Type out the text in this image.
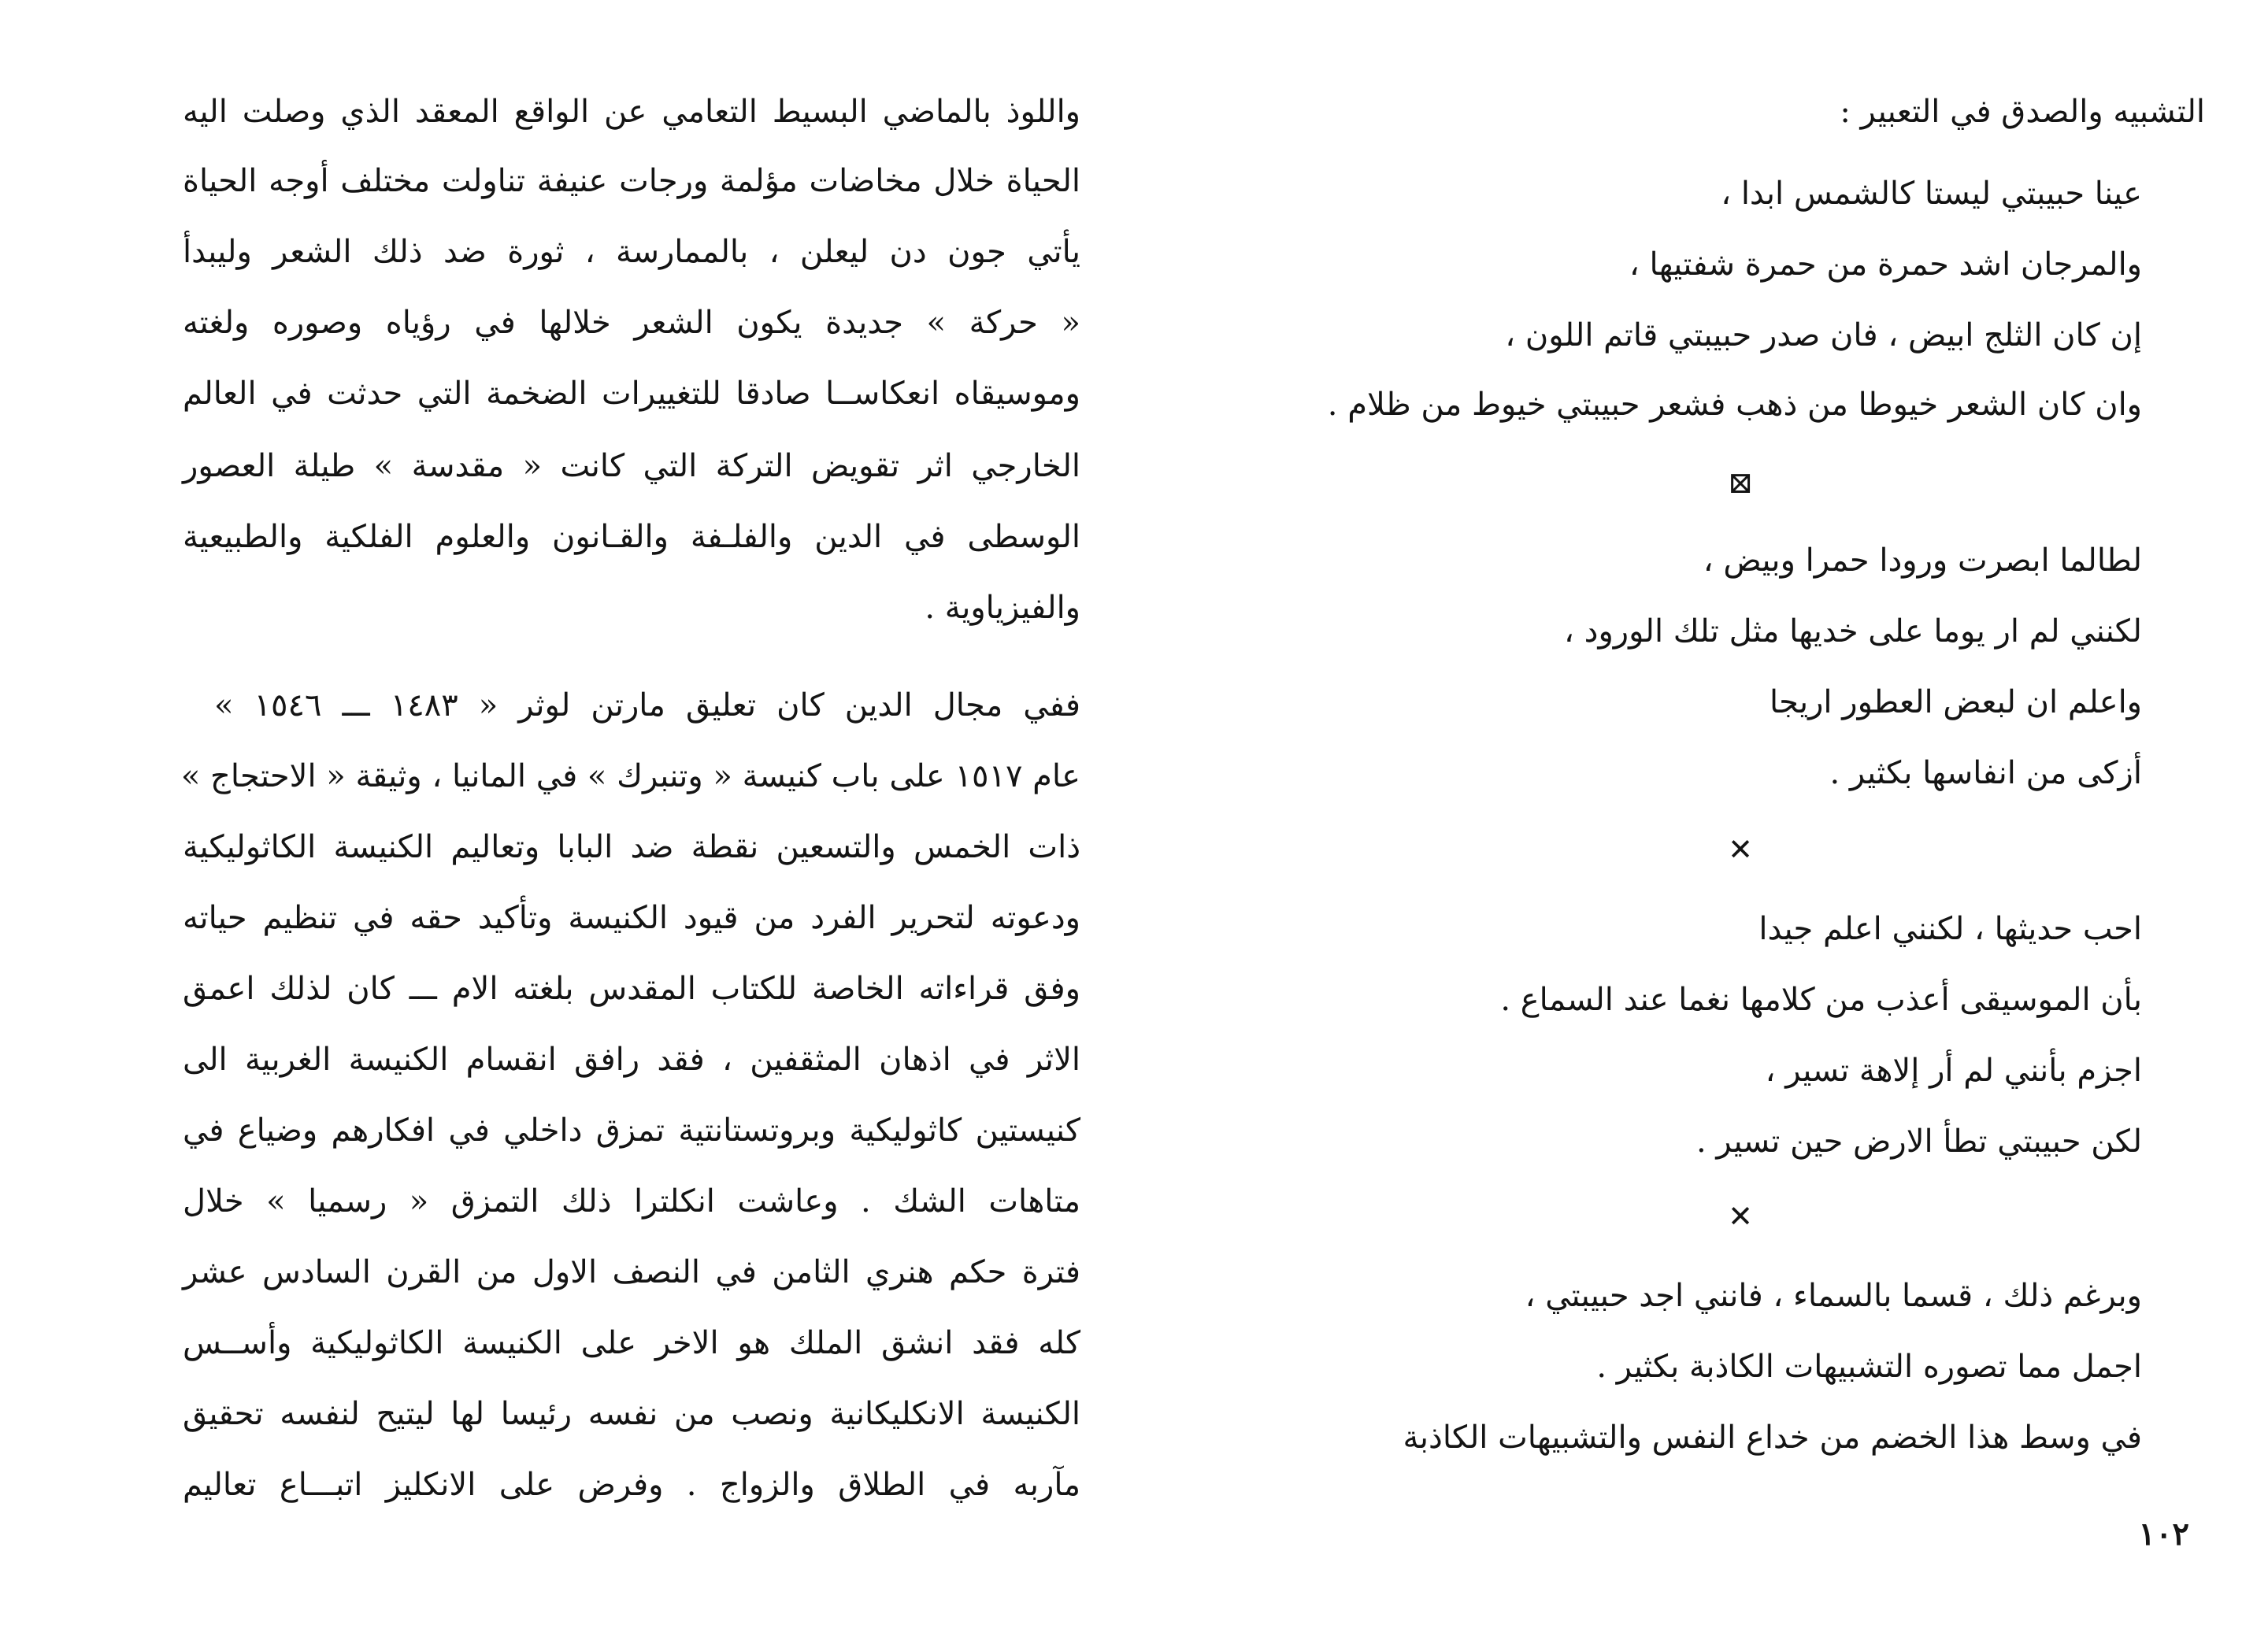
واللوذ بالماضي البسيط التعامي عن الواقع المعقد الذي وصلت اليه
الحياة خلال مخاضات مؤلمة ورجات عنيفة تناولت مختلف أوجه الحياة
يأتي جون دن ليعلن ، بالممارسة ، ثورة ضد ذلك الشعر وليبدأ
« حركة » جديدة يكون الشعر خلالها في رؤياه وصوره ولغته
وموسيقاه انعكاســا صادقا للتغييرات الضخمة التي حدثت في العالم
الخارجي اثر تقويض التركة التي كانت « مقدسة » طيلة العصور
الوسطى في الدين والفلـفة والقـانون والعلوم الفلكية والطبيعية
والفيزياوية .
ففي مجال الدين كان تعليق مارتن لوثر « ١٤٨٣ ـــ ١٥٤٦ »
عام ١٥١٧ على باب كنيسة « وتنبرك » في المانيا ، وثيقة « الاحتجاج »
ذات الخمس والتسعين نقطة ضد البابا وتعاليم الكنيسة الكاثوليكية
ودعوته لتحرير الفرد من قيود الكنيسة وتأكيد حقه في تنظيم حياته
وفق قراءاته الخاصة للكتاب المقدس بلغته الام ـــ كان لذلك اعمق
الاثر في اذهان المثقفين ، فقد رافق انقسام الكنيسة الغربية الى
كنيستين كاثوليكية وبروتستانتية تمزق داخلي في افكارهم وضياع في
متاهات الشك . وعاشت انكلترا ذلك التمزق « رسميا » خلال
فترة حكم هنري الثامن في النصف الاول من القرن السادس عشر
كله فقد انشق الملك هو الاخر على الكنيسة الكاثوليكية وأســس
الكنيسة الانكليكانية ونصب من نفسه رئيسا لها ليتيح لنفسه تحقيق
مآربه في الطلاق والزواج . وفرض على الانكليز اتبـــاع تعاليم
التشبيه والصدق في التعبير :
عينا حبيبتي ليستا كالشمس ابدا ،
والمرجان اشد حمرة من حمرة شفتيها ،
إن كان الثلج ابيض ، فان صدر حبيبتي قاتم اللون ،
وان كان الشعر خيوطا من ذهب فشعر حبيبتي خيوط من ظلام .
⊠
لطالما ابصرت ورودا حمرا وبيض ،
لكنني لم ار يوما على خديها مثل تلك الورود ،
واعلم ان لبعض العطور اريجا
أزكى من انفاسها بكثير .
✕
احب حديثها ، لكنني اعلم جيدا
بأن الموسيقى أعذب من كلامها نغما عند السماع .
اجزم بأنني لم أر إلاهة تسير ،
لكن حبيبتي تطأ الارض حين تسير .
✕
وبرغم ذلك ، قسما بالسماء ، فانني اجد حبيبتي ،
اجمل مما تصوره التشبيهات الكاذبة بكثير .
في وسط هذا الخضم من خداع النفس والتشبيهات الكاذبة
١٠٢
